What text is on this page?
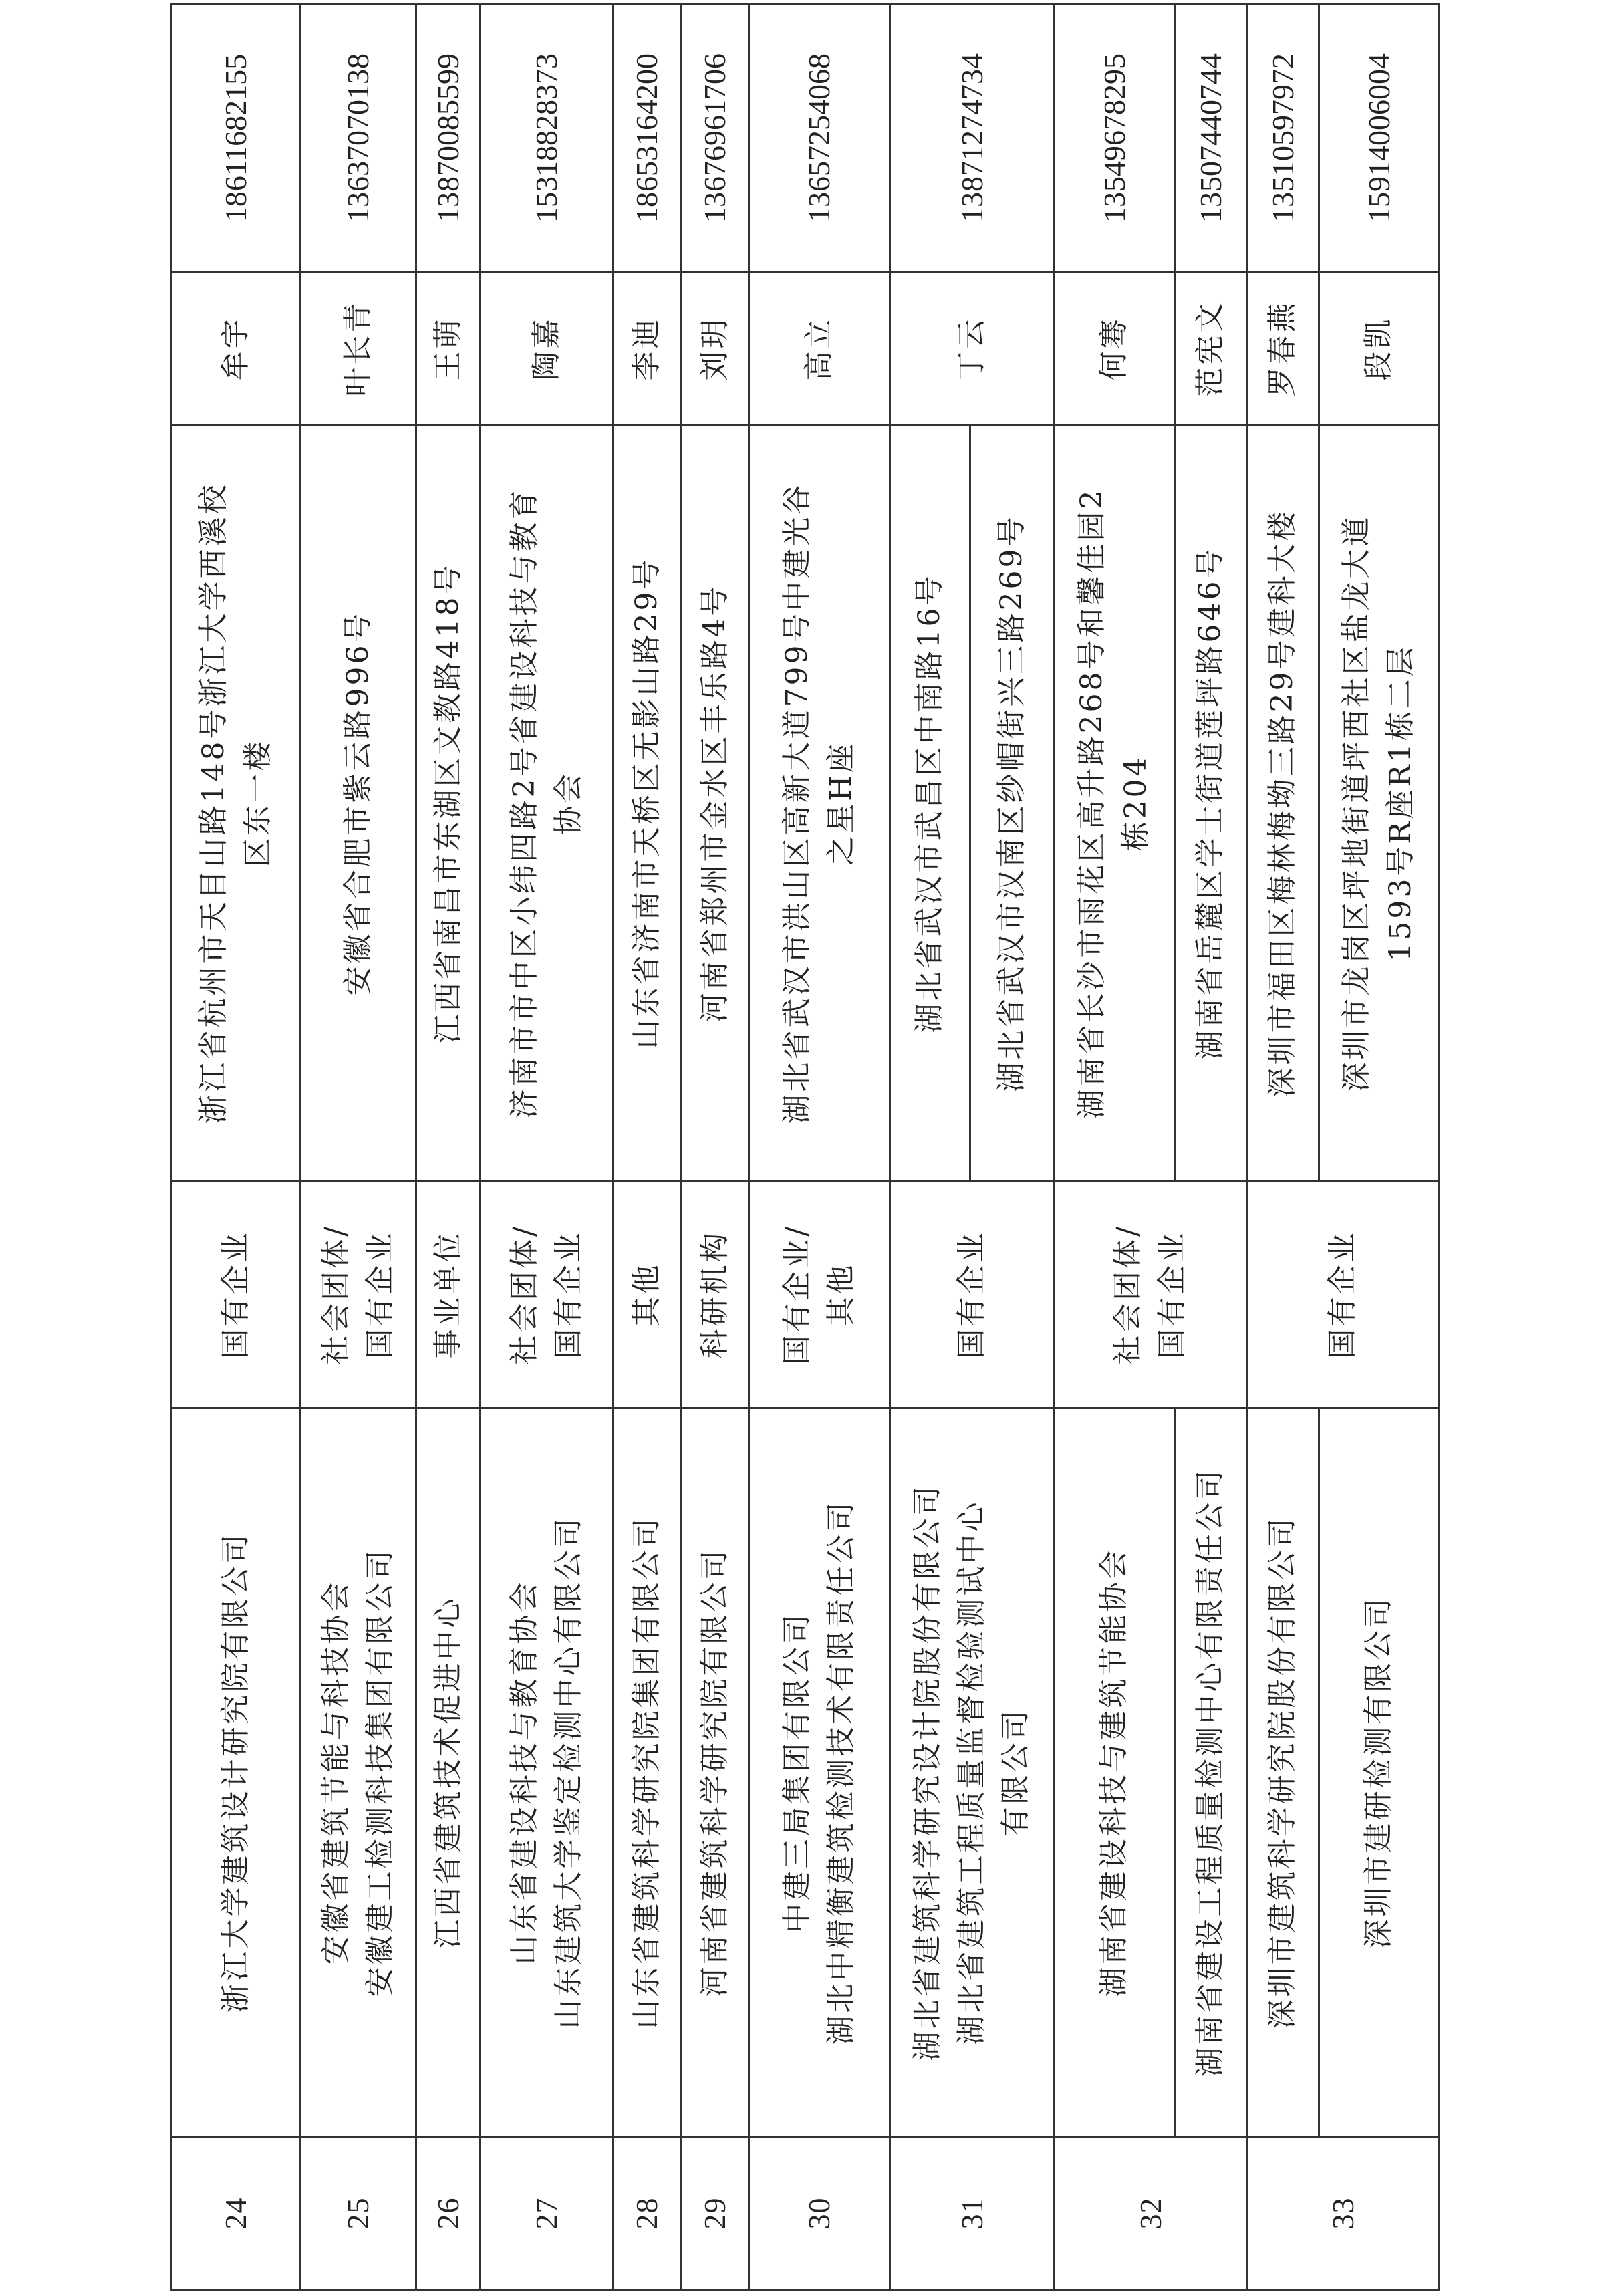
24	浙江大学建筑设计研究院有限公司	国有企业	浙江省杭州市天目山路148号浙江大学西溪校 区东一楼	牟宇	18611682155
25	安徽省建筑节能与科技协会 安徽建工检测科技集团有限公司	社会团体/ 国有企业	安徽省合肥市紫云路996号	叶长青	13637070138
26	江西省建筑技术促进中心	事业单位	江西省南昌市东湖区文教路418号	王萌	13870085599
27	山东省建设科技与教育协会 山东建筑大学鉴定检测中心有限公司	社会团体/ 国有企业	济南市市中区小纬四路2号省建设科技与教育 协会	陶嘉	15318828373
28	山东省建筑科学研究院集团有限公司	其他	山东省济南市天桥区无影山路29号	李迪	18653164200
29	河南省建筑科学研究院有限公司	科研机构	河南省郑州市金水区丰乐路4号	刘玥	13676961706
30	中建三局集团有限公司 湖北中精衡建筑检测技术有限责任公司	国有企业/ 其他	湖北省武汉市洪山区高新大道799号中建光谷 之星H座	高立	13657254068
31	湖北省建筑科学研究设计院股份有限公司 湖北省建筑工程质量监督检验测试中心 有限公司	国有企业	湖北省武汉市武昌区中南路16号	丁云	13871274734

			湖北省武汉市汉南区纱帽街兴三路269号		

32	湖南省建设科技与建筑节能协会	社会团体/ 国有企业	湖南省长沙市雨花区高升路268号和馨佳园2 栋204	何骞	13549678295

	湖南省建设工程质量检测中心有限责任公司		湖南省岳麓区学士街道莲坪路646号	范宪文	13507440744
33	深圳市建筑科学研究院股份有限公司	国有企业	深圳市福田区梅林梅坳三路29号建科大楼	罗春燕	13510597972

	深圳市建研检测有限公司		深圳市龙岗区坪地街道坪西社区盐龙大道 1593号R座R1栋二层	段凯	15914006004
